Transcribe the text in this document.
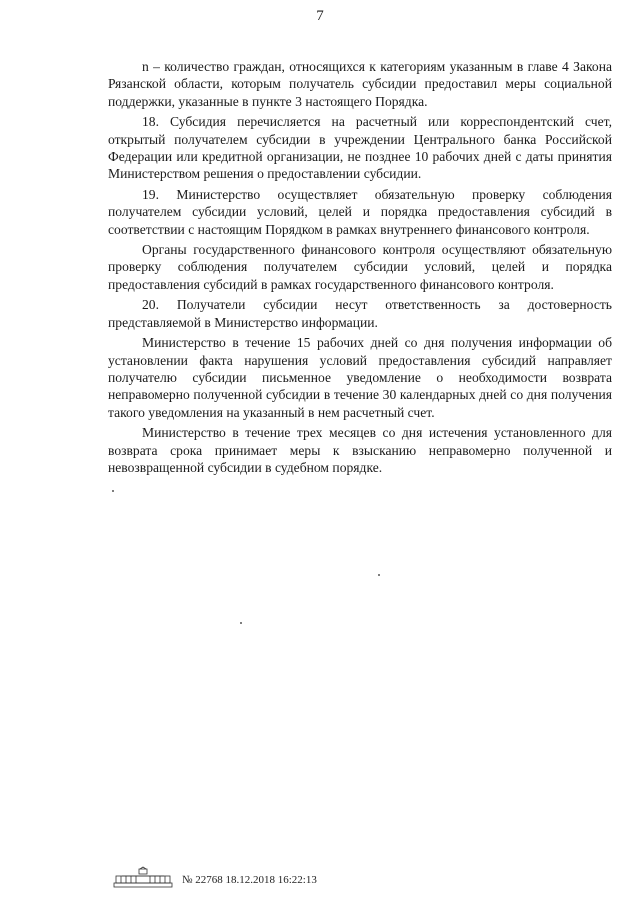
7

n – количество граждан, относящихся к категориям указанным в главе 4 Закона Рязанской области, которым получатель субсидии предоставил меры социальной поддержки, указанные в пункте 3 настоящего Порядка.

18. Субсидия перечисляется на расчетный или корреспондентский счет, открытый получателем субсидии в учреждении Центрального банка Российской Федерации или кредитной организации, не позднее 10 рабочих дней с даты принятия Министерством решения о предоставлении субсидии.

19. Министерство осуществляет обязательную проверку соблюдения получателем субсидии условий, целей и порядка предоставления субсидий в соответствии с настоящим Порядком в рамках внутреннего финансового контроля.

Органы государственного финансового контроля осуществляют обязательную проверку соблюдения получателем субсидии условий, целей и порядка предоставления субсидий в рамках государственного финансового контроля.

20. Получатели субсидии несут ответственность за достоверность представляемой в Министерство информации.

Министерство в течение 15 рабочих дней со дня получения информации об установлении факта нарушения условий предоставления субсидий направляет получателю субсидии письменное уведомление о необходимости возврата неправомерно полученной субсидии в течение 30 календарных дней со дня получения такого уведомления на указанный в нем расчетный счет.

Министерство в течение трех месяцев со дня истечения установленного для возврата срока принимает меры к взысканию неправомерно полученной и невозвращенной субсидии в судебном порядке.

№ 22768 18.12.2018 16:22:13
